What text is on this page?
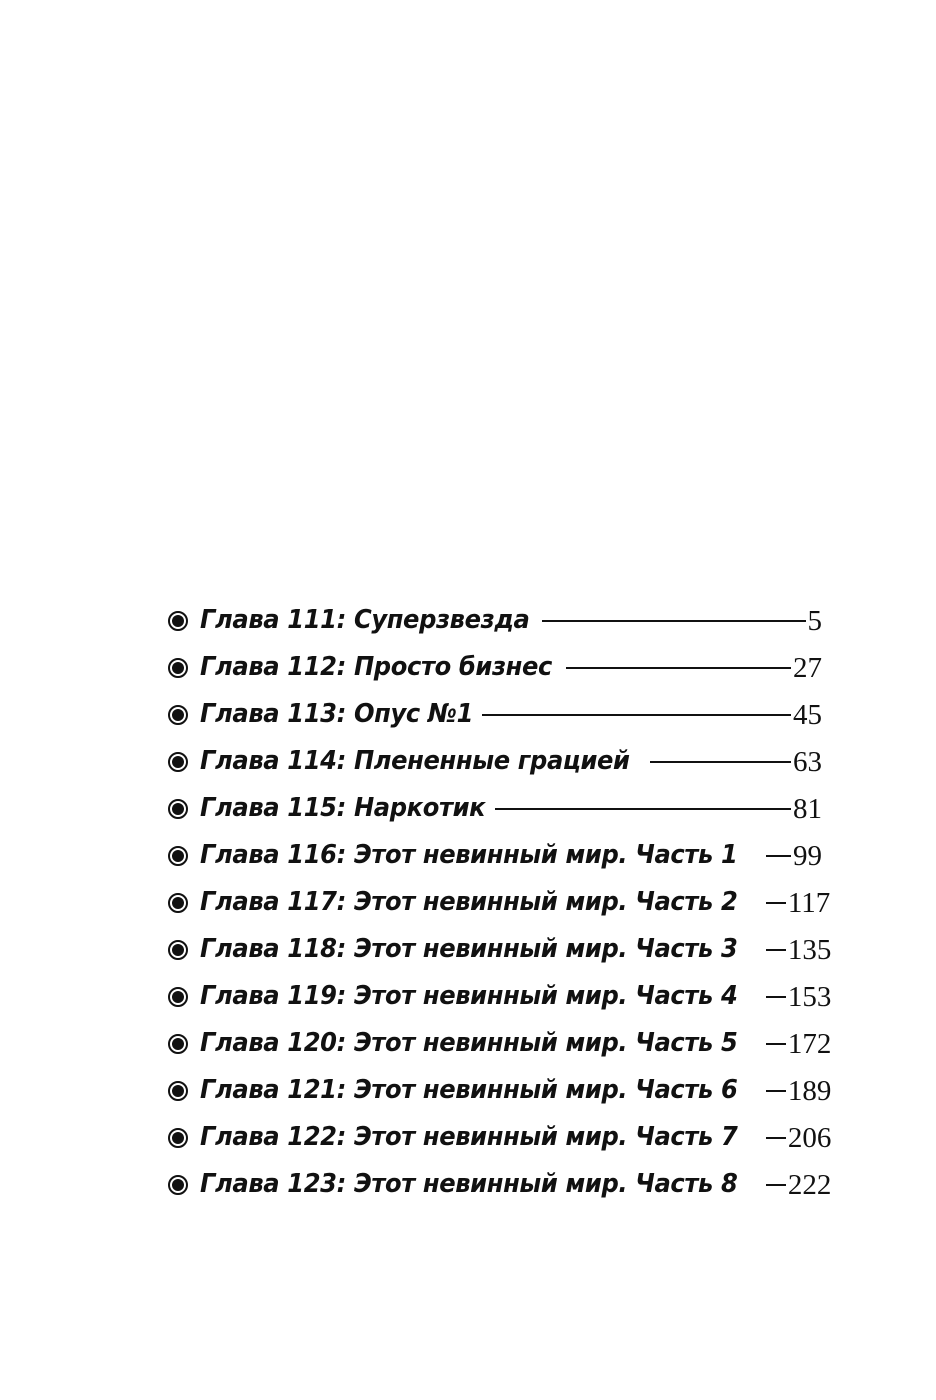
Глава 111: Суперзвезда	5
Глава 112: Просто бизнес	27
Глава 113: Опус №1	45
Глава 114: Плененные грацией	63
Глава 115: Наркотик	81
Глава 116: Этот невинный мир. Часть 1 99
Глава 117: Этот невинный мир. Часть 2 117
Глава 118: Этот невинный мир. Часть 3 135
Глава 119: Этот невинный мир. Часть 4 153
Глава 120: Этот невинный мир. Часть 5 172
Глава 121: Этот невинный мир. Часть 6 189
Глава 122: Этот невинный мир. Часть 7 206
Глава 123: Этот невинный мир. Часть 8 222
